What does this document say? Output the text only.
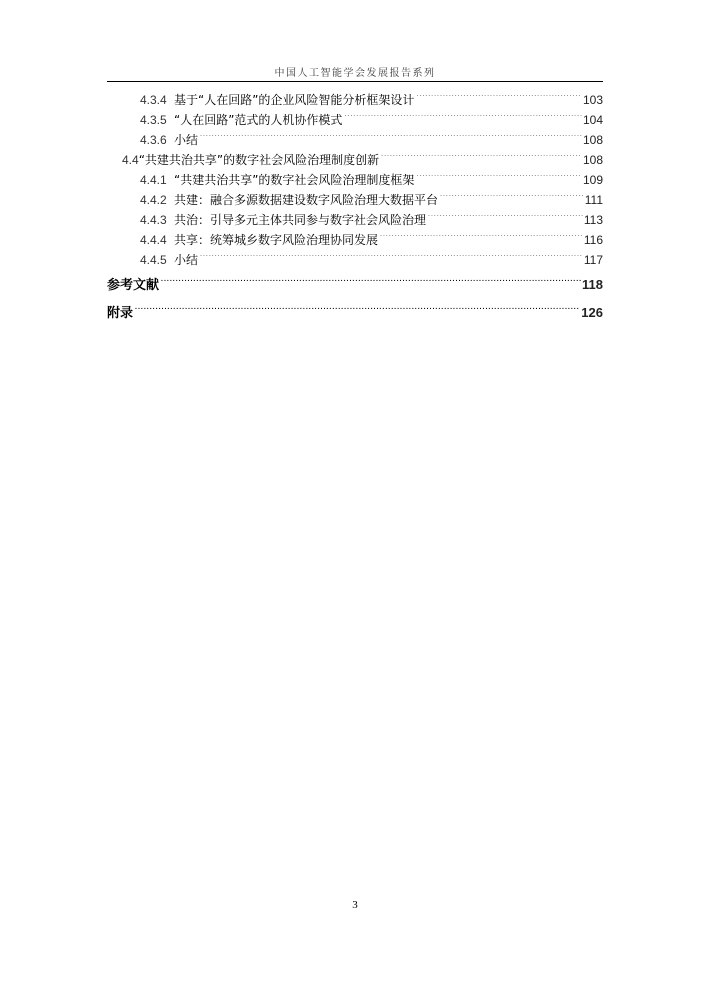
中国人工智能学会发展报告系列
4.3.4 基于“人在回路”的企业风险智能分析框架设计 .....	103
4.3.5 “人在回路”范式的人机协作模式 .....	104
4.3.6 小结 .....	108
4.4 “共建共治共享”的数字社会风险治理制度创新 .....	108
4.4.1 “共建共治共享”的数字社会风险治理制度框架 .....	109
4.4.2 共建：融合多源数据建设数字风险治理大数据平台 .....	111
4.4.3 共治：引导多元主体共同参与数字社会风险治理 .....	113
4.4.4 共享：统筹城乡数字风险治理协同发展 .....	116
4.4.5 小结 .....	117
参考文献 .....	118
附录 .....	126
3
